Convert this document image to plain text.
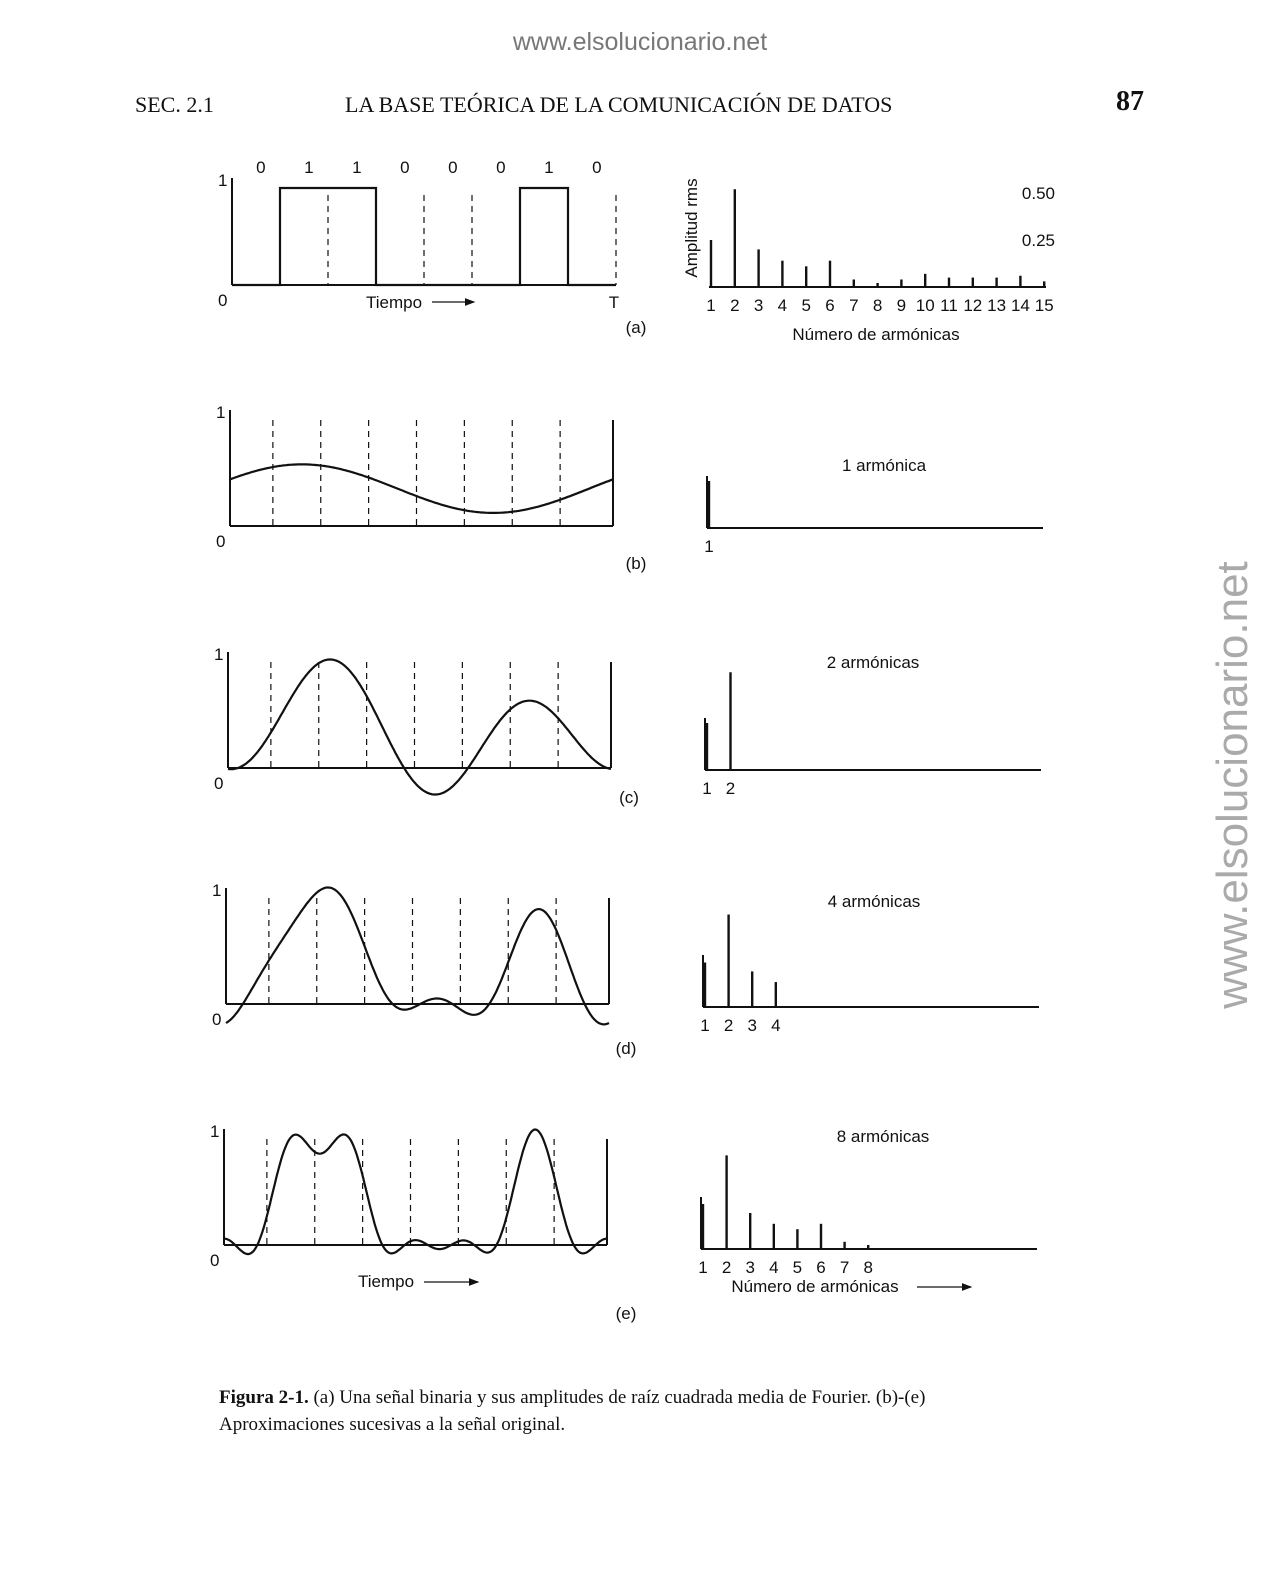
www.elsolucionario.net
www.elsolucionario.net
SEC. 2.1	LA BASE TEÓRICA DE LA COMUNICACIÓN DE DATOS	87
1
0
(a)
0 1 1 0 0 0 1 0
T
Tiempo
1
0
(b)
1
0
(c)
1
0
(d)
1
0
(e)
Tiempo
1 2 3 4 5 6 7 8 9 10 11 12 13 14 15
0.50
0.25
Amplitud rms
Número de armónicas
1
1 armónica
1 2
2 armónicas
1 2 3 4
4 armónicas
1 2 3 4 5 6 7 8
8 armónicas
Número de armónicas
Figura 2-1. (a) Una señal binaria y sus amplitudes de raíz cuadrada media de Fourier. (b)-(e) Aproximaciones sucesivas a la señal original.
